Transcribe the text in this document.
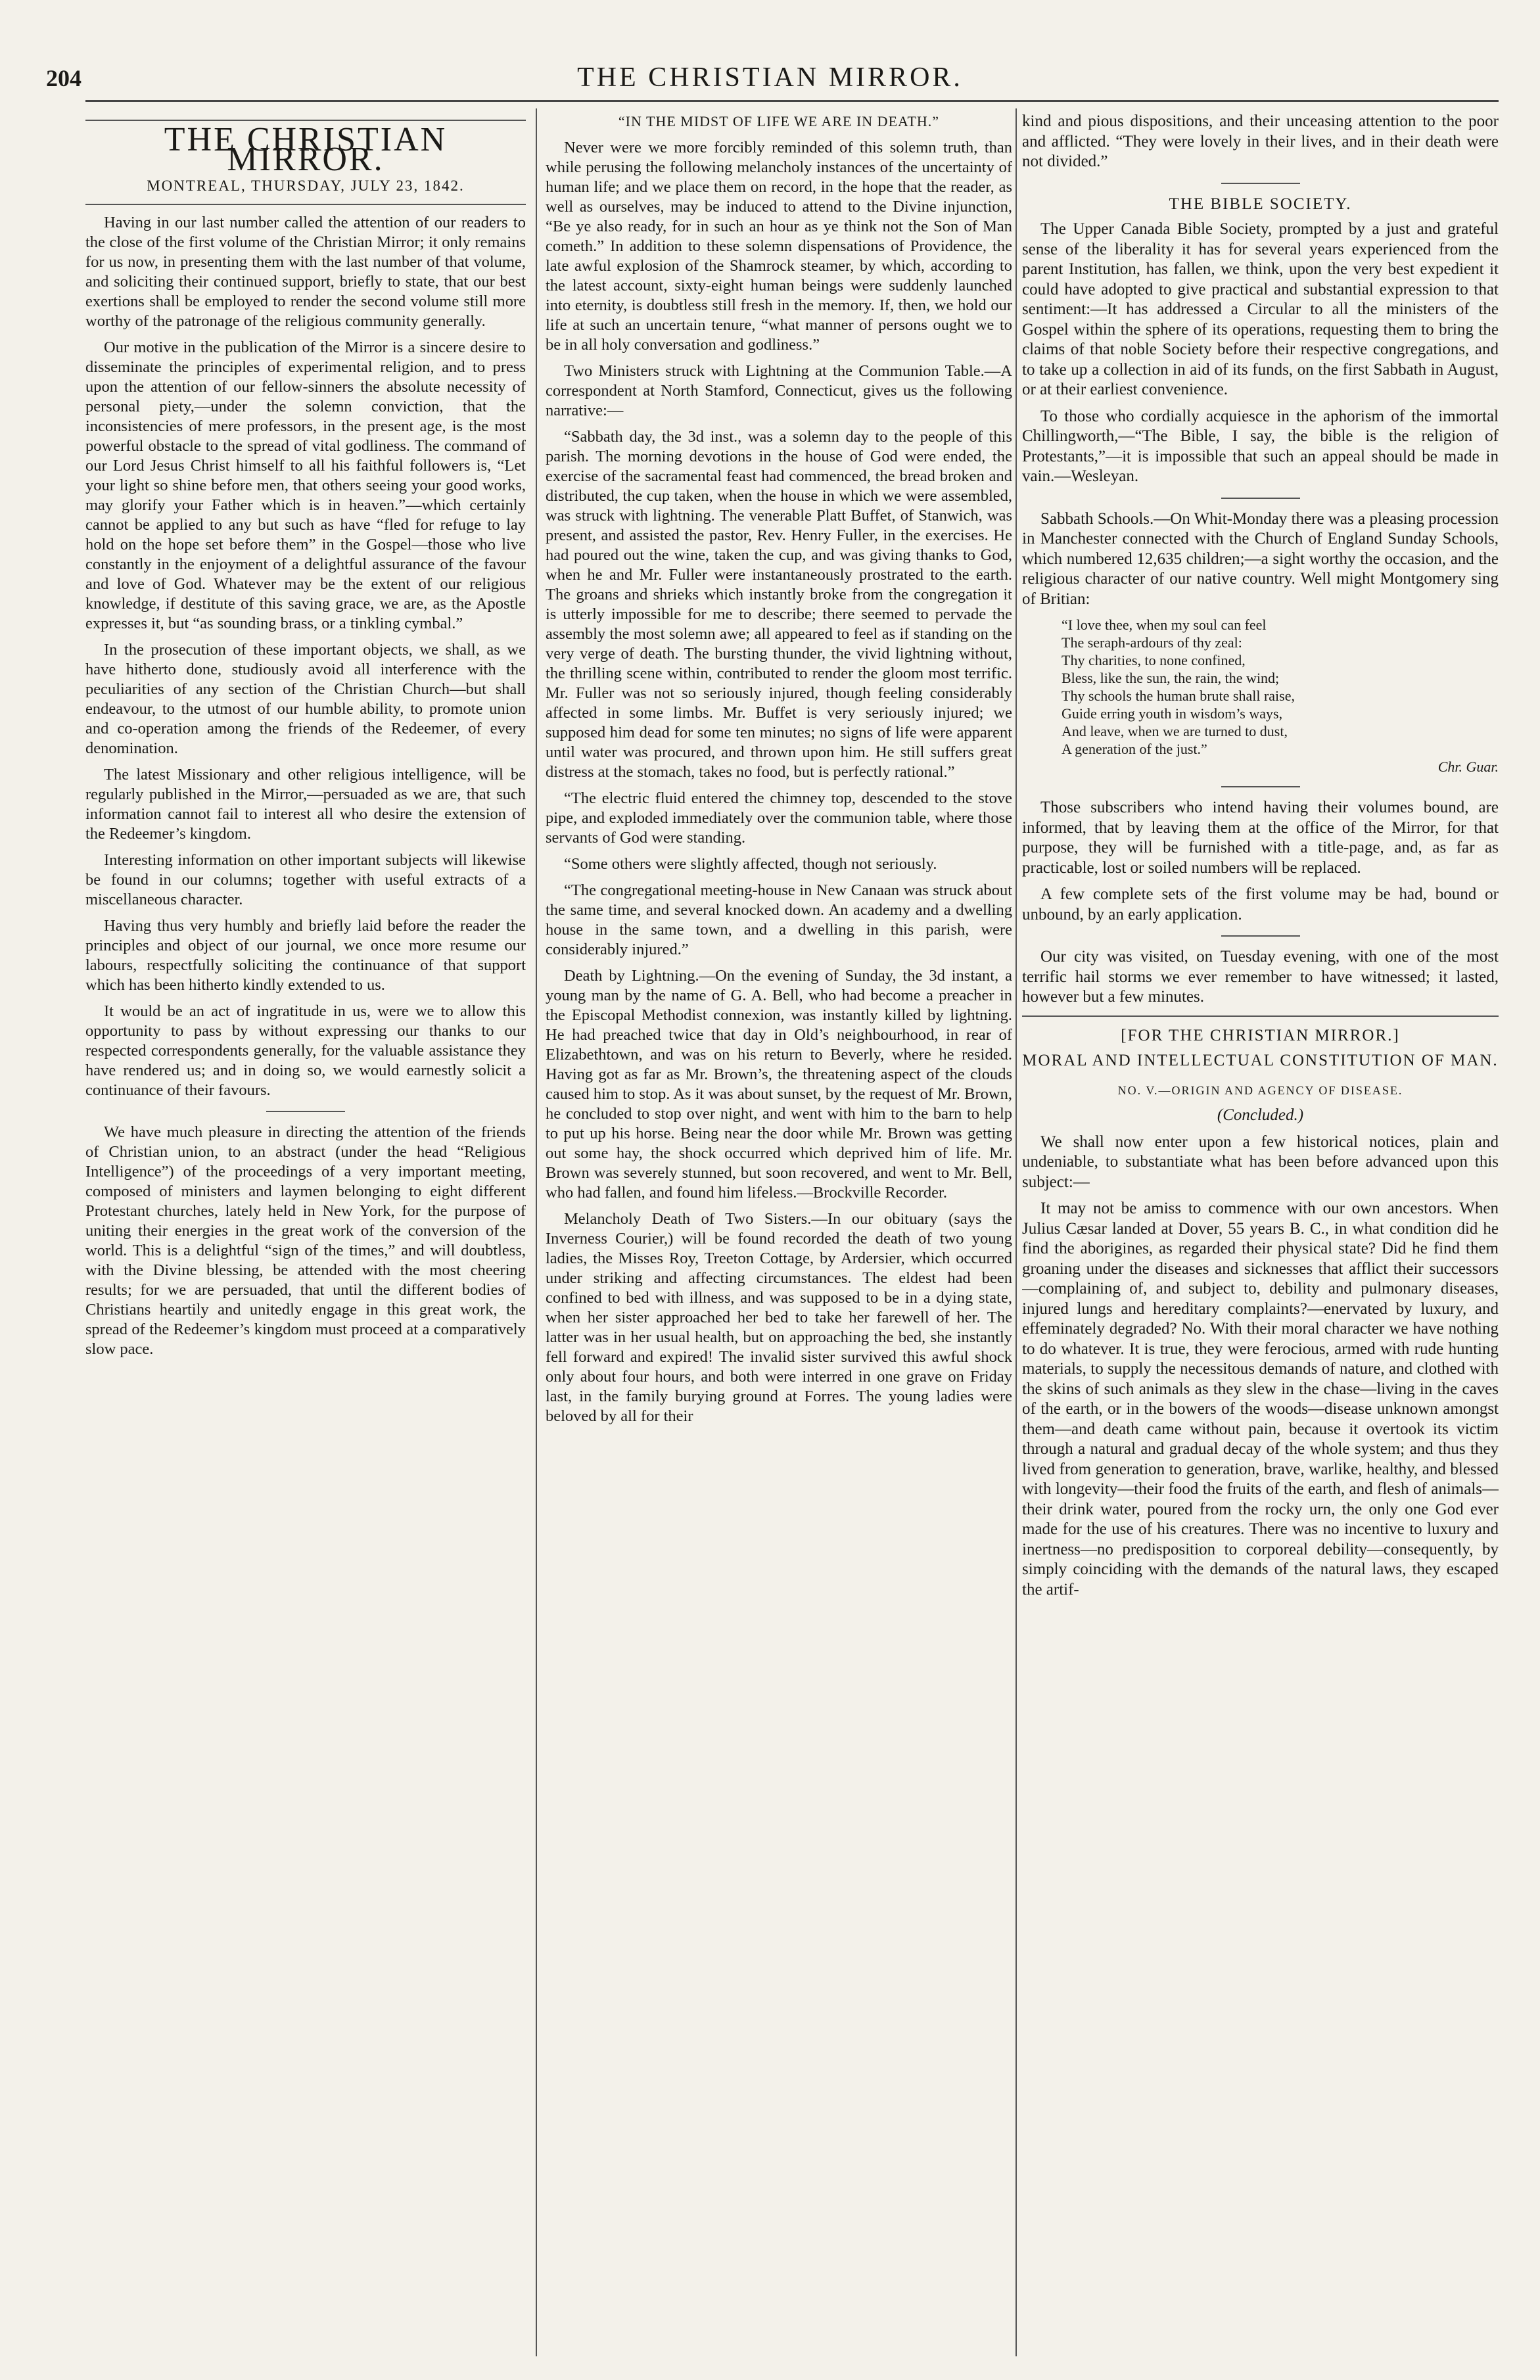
204	THE CHRISTIAN MIRROR.

THE CHRISTIAN MIRROR.

MONTREAL, THURSDAY, JULY 23, 1842.

Having in our last number called the attention of our readers to the close of the first volume of the Christian Mirror; it only remains for us now, in presenting them with the last number of that volume, and soliciting their continued support, briefly to state, that our best exertions shall be employed to render the second volume still more worthy of the patronage of the religious community generally.

Our motive in the publication of the Mirror is a sincere desire to disseminate the principles of experimental religion, and to press upon the attention of our fellow-sinners the absolute necessity of personal piety,—under the solemn conviction, that the inconsistencies of mere professors, in the present age, is the most powerful obstacle to the spread of vital godliness. The command of our Lord Jesus Christ himself to all his faithful followers is, “Let your light so shine before men, that others seeing your good works, may glorify your Father which is in heaven.”—which certainly cannot be applied to any but such as have “fled for refuge to lay hold on the hope set before them” in the Gospel—those who live constantly in the enjoyment of a delightful assurance of the favour and love of God. Whatever may be the extent of our religious knowledge, if destitute of this saving grace, we are, as the Apostle expresses it, but “as sounding brass, or a tinkling cymbal.”

In the prosecution of these important objects, we shall, as we have hitherto done, studiously avoid all interference with the peculiarities of any section of the Christian Church—but shall endeavour, to the utmost of our humble ability, to promote union and co-operation among the friends of the Redeemer, of every denomination.

The latest Missionary and other religious intelligence, will be regularly published in the Mirror,—persuaded as we are, that such information cannot fail to interest all who desire the extension of the Redeemer’s kingdom.

Interesting information on other important subjects will likewise be found in our columns; together with useful extracts of a miscellaneous character.

Having thus very humbly and briefly laid before the reader the principles and object of our journal, we once more resume our labours, respectfully soliciting the continuance of that support which has been hitherto kindly extended to us.

It would be an act of ingratitude in us, were we to allow this opportunity to pass by without expressing our thanks to our respected correspondents generally, for the valuable assistance they have rendered us; and in doing so, we would earnestly solicit a continuance of their favours.

We have much pleasure in directing the attention of the friends of Christian union, to an abstract (under the head “Religious Intelligence”) of the proceedings of a very important meeting, composed of ministers and laymen belonging to eight different Protestant churches, lately held in New York, for the purpose of uniting their energies in the great work of the conversion of the world. This is a delightful “sign of the times,” and will doubtless, with the Divine blessing, be attended with the most cheering results; for we are persuaded, that until the different bodies of Christians heartily and unitedly engage in this great work, the spread of the Redeemer’s kingdom must proceed at a comparatively slow pace.

“IN THE MIDST OF LIFE WE ARE IN DEATH.”

Never were we more forcibly reminded of this solemn truth, than while perusing the following melancholy instances of the uncertainty of human life; and we place them on record, in the hope that the reader, as well as ourselves, may be induced to attend to the Divine injunction, “Be ye also ready, for in such an hour as ye think not the Son of Man cometh.” In addition to these solemn dispensations of Providence, the late awful explosion of the Shamrock steamer, by which, according to the latest account, sixty-eight human beings were suddenly launched into eternity, is doubtless still fresh in the memory. If, then, we hold our life at such an uncertain tenure, “what manner of persons ought we to be in all holy conversation and godliness.”

Two Ministers struck with Lightning at the Communion Table.—A correspondent at North Stamford, Connecticut, gives us the following narrative:—

“Sabbath day, the 3d inst., was a solemn day to the people of this parish. The morning devotions in the house of God were ended, the exercise of the sacramental feast had commenced, the bread broken and distributed, the cup taken, when the house in which we were assembled, was struck with lightning. The venerable Platt Buffet, of Stanwich, was present, and assisted the pastor, Rev. Henry Fuller, in the exercises. He had poured out the wine, taken the cup, and was giving thanks to God, when he and Mr. Fuller were instantaneously prostrated to the earth. The groans and shrieks which instantly broke from the congregation it is utterly impossible for me to describe; there seemed to pervade the assembly the most solemn awe; all appeared to feel as if standing on the very verge of death. The bursting thunder, the vivid lightning without, the thrilling scene within, contributed to render the gloom most terrific. Mr. Fuller was not so seriously injured, though feeling considerably affected in some limbs. Mr. Buffet is very seriously injured; we supposed him dead for some ten minutes; no signs of life were apparent until water was procured, and thrown upon him. He still suffers great distress at the stomach, takes no food, but is perfectly rational.”

“The electric fluid entered the chimney top, descended to the stove pipe, and exploded immediately over the communion table, where those servants of God were standing.

“Some others were slightly affected, though not seriously.

“The congregational meeting-house in New Canaan was struck about the same time, and several knocked down. An academy and a dwelling house in the same town, and a dwelling in this parish, were considerably injured.”

Death by Lightning.—On the evening of Sunday, the 3d instant, a young man by the name of G. A. Bell, who had become a preacher in the Episcopal Methodist connexion, was instantly killed by lightning. He had preached twice that day in Old’s neighbourhood, in rear of Elizabethtown, and was on his return to Beverly, where he resided. Having got as far as Mr. Brown’s, the threatening aspect of the clouds caused him to stop. As it was about sunset, by the request of Mr. Brown, he concluded to stop over night, and went with him to the barn to help to put up his horse. Being near the door while Mr. Brown was getting out some hay, the shock occurred which deprived him of life. Mr. Brown was severely stunned, but soon recovered, and went to Mr. Bell, who had fallen, and found him lifeless.—Brockville Recorder.

Melancholy Death of Two Sisters.—In our obituary (says the Inverness Courier,) will be found recorded the death of two young ladies, the Misses Roy, Treeton Cottage, by Ardersier, which occurred under striking and affecting circumstances. The eldest had been confined to bed with illness, and was supposed to be in a dying state, when her sister approached her bed to take her farewell of her. The latter was in her usual health, but on approaching the bed, she instantly fell forward and expired! The invalid sister survived this awful shock only about four hours, and both were interred in one grave on Friday last, in the family burying ground at Forres. The young ladies were beloved by all for their

kind and pious dispositions, and their unceasing attention to the poor and afflicted. “They were lovely in their lives, and in their death were not divided.”

THE BIBLE SOCIETY.

The Upper Canada Bible Society, prompted by a just and grateful sense of the liberality it has for several years experienced from the parent Institution, has fallen, we think, upon the very best expedient it could have adopted to give practical and substantial expression to that sentiment:—It has addressed a Circular to all the ministers of the Gospel within the sphere of its operations, requesting them to bring the claims of that noble Society before their respective congregations, and to take up a collection in aid of its funds, on the first Sabbath in August, or at their earliest convenience.

To those who cordially acquiesce in the aphorism of the immortal Chillingworth,—“The Bible, I say, the bible is the religion of Protestants,”—it is impossible that such an appeal should be made in vain.—Wesleyan.

Sabbath Schools.—On Whit-Monday there was a pleasing procession in Manchester connected with the Church of England Sunday Schools, which numbered 12,635 children;—a sight worthy the occasion, and the religious character of our native country. Well might Montgomery sing of Britian:

“I love thee, when my soul can feel
The seraph-ardours of thy zeal:
Thy charities, to none confined,
Bless, like the sun, the rain, the wind;
Thy schools the human brute shall raise,
Guide erring youth in wisdom’s ways,
And leave, when we are turned to dust,
A generation of the just.”
Chr. Guar.

Those subscribers who intend having their volumes bound, are informed, that by leaving them at the office of the Mirror, for that purpose, they will be furnished with a title-page, and, as far as practicable, lost or soiled numbers will be replaced.

A few complete sets of the first volume may be had, bound or unbound, by an early application.

Our city was visited, on Tuesday evening, with one of the most terrific hail storms we ever remember to have witnessed; it lasted, however but a few minutes.

[FOR THE CHRISTIAN MIRROR.]

MORAL AND INTELLECTUAL CONSTITUTION OF MAN.

NO. V.—ORIGIN AND AGENCY OF DISEASE.

(Concluded.)

We shall now enter upon a few historical notices, plain and undeniable, to substantiate what has been before advanced upon this subject:—

It may not be amiss to commence with our own ancestors. When Julius Cæsar landed at Dover, 55 years B. C., in what condition did he find the aborigines, as regarded their physical state? Did he find them groaning under the diseases and sicknesses that afflict their successors—complaining of, and subject to, debility and pulmonary diseases, injured lungs and hereditary complaints?—enervated by luxury, and effeminately degraded? No. With their moral character we have nothing to do whatever. It is true, they were ferocious, armed with rude hunting materials, to supply the necessitous demands of nature, and clothed with the skins of such animals as they slew in the chase—living in the caves of the earth, or in the bowers of the woods—disease unknown amongst them—and death came without pain, because it overtook its victim through a natural and gradual decay of the whole system; and thus they lived from generation to generation, brave, warlike, healthy, and blessed with longevity—their food the fruits of the earth, and flesh of animals—their drink water, poured from the rocky urn, the only one God ever made for the use of his creatures. There was no incentive to luxury and inertness—no predisposition to corporeal debility—consequently, by simply coinciding with the demands of the natural laws, they escaped the artif-
